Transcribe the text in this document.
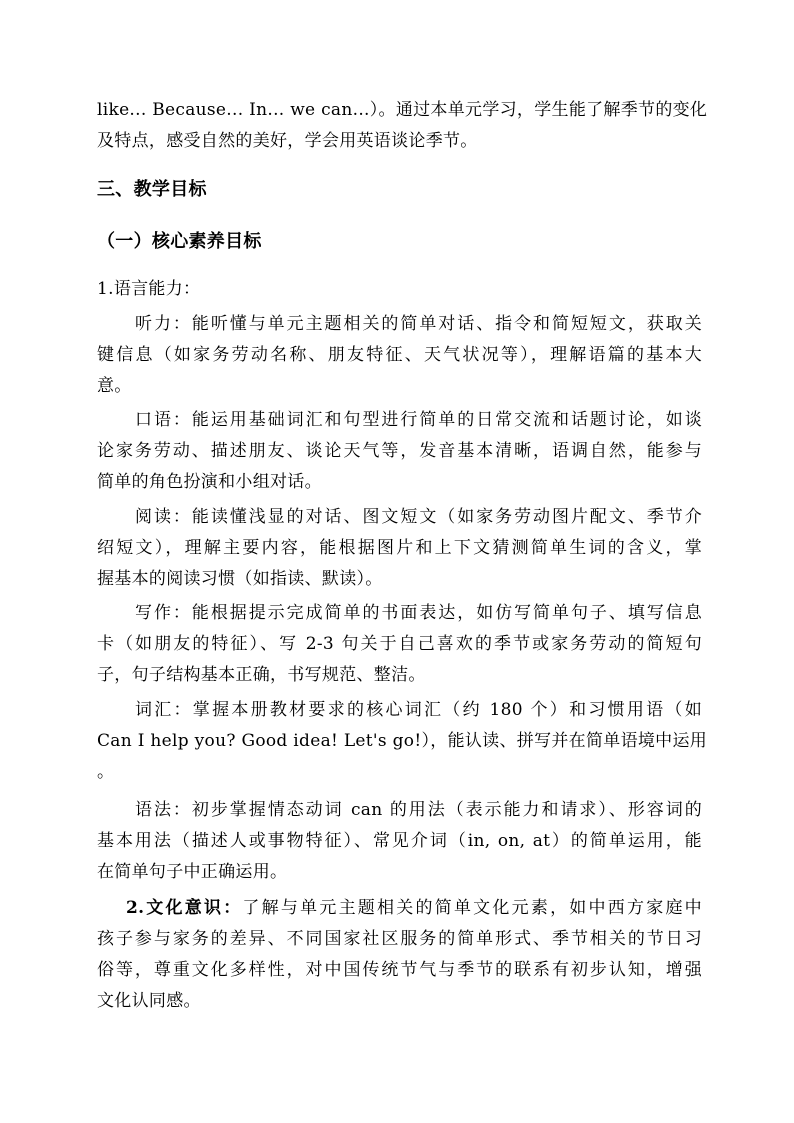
like... Because... In... we can...）。通过本单元学习，学生能了解季节的变化
及特点，感受自然的美好，学会用英语谈论季节。
三、教学目标
（一）核心素养目标
1.语言能力：
听力：能听懂与单元主题相关的简单对话、指令和简短短文，获取关
键信息（如家务劳动名称、朋友特征、天气状况等），理解语篇的基本大
意。
口语：能运用基础词汇和句型进行简单的日常交流和话题讨论，如谈
论家务劳动、描述朋友、谈论天气等，发音基本清晰，语调自然，能参与
简单的角色扮演和小组对话。
阅读：能读懂浅显的对话、图文短文（如家务劳动图片配文、季节介
绍短文），理解主要内容，能根据图片和上下文猜测简单生词的含义，掌
握基本的阅读习惯（如指读、默读）。
写作：能根据提示完成简单的书面表达，如仿写简单句子、填写信息
卡（如朋友的特征）、写 2-3 句关于自己喜欢的季节或家务劳动的简短句
子，句子结构基本正确，书写规范、整洁。
词汇：掌握本册教材要求的核心词汇（约 180 个）和习惯用语（如
Can I help you? Good idea! Let's go!），能认读、拼写并在简单语境中运用
。
语法：初步掌握情态动词 can 的用法（表示能力和请求）、形容词的
基本用法（描述人或事物特征）、常见介词（in, on, at）的简单运用，能
在简单句子中正确运用。
2.文化意识：了解与单元主题相关的简单文化元素，如中西方家庭中
孩子参与家务的差异、不同国家社区服务的简单形式、季节相关的节日习
俗等，尊重文化多样性，对中国传统节气与季节的联系有初步认知，增强
文化认同感。
